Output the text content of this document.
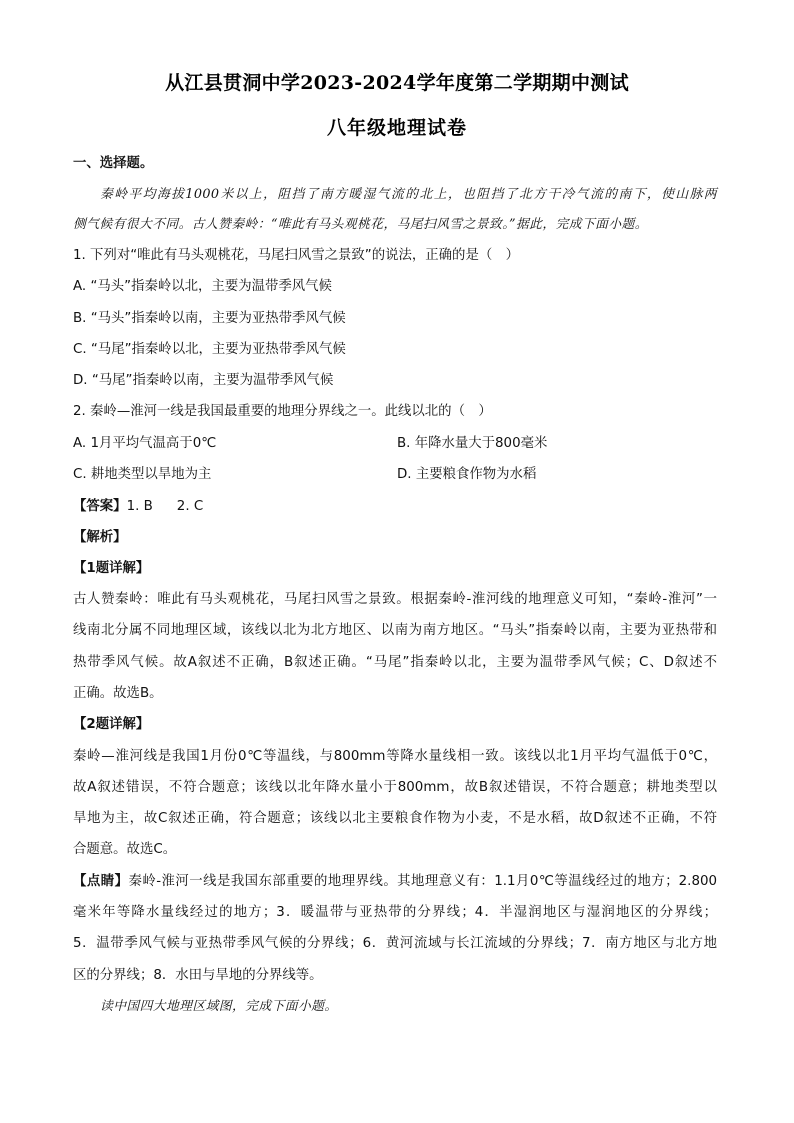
从江县贯洞中学2023-2024学年度第二学期期中测试
八年级地理试卷
一、选择题。
秦岭平均海拔1000米以上，阻挡了南方暖湿气流的北上，也阻挡了北方干冷气流的南下，使山脉两
侧气候有很大不同。古人赞秦岭：“唯此有马头观桃花，马尾扫风雪之景致。”据此，完成下面小题。
1. 下列对“唯此有马头观桃花，马尾扫风雪之景致”的说法，正确的是（　）
A. “马头”指秦岭以北，主要为温带季风气候
B. “马头”指秦岭以南，主要为亚热带季风气候
C. “马尾”指秦岭以北，主要为亚热带季风气候
D. “马尾”指秦岭以南，主要为温带季风气候
2. 秦岭—淮河一线是我国最重要的地理分界线之一。此线以北的（　）
A. 1月平均气温高于0℃	B. 年降水量大于800毫米
C. 耕地类型以旱地为主	D. 主要粮食作物为水稻
【答案】1. B 2. C
【解析】
【1题详解】
古人赞秦岭：唯此有马头观桃花，马尾扫风雪之景致。根据秦岭-淮河线的地理意义可知，“秦岭-淮河”一
线南北分属不同地理区域，该线以北为北方地区、以南为南方地区。“马头”指秦岭以南，主要为亚热带和
热带季风气候。故A叙述不正确，B叙述正确。“马尾”指秦岭以北，主要为温带季风气候；C、D叙述不
正确。故选B。
【2题详解】
秦岭—淮河线是我国1月份0℃等温线，与800mm等降水量线相一致。该线以北1月平均气温低于0℃，
故A叙述错误，不符合题意；该线以北年降水量小于800mm，故B叙述错误，不符合题意；耕地类型以
旱地为主，故C叙述正确，符合题意；该线以北主要粮食作物为小麦，不是水稻，故D叙述不正确，不符
合题意。故选C。
【点睛】秦岭-淮河一线是我国东部重要的地理界线。其地理意义有：1.1月0℃等温线经过的地方；2.800
毫米年等降水量线经过的地方；3．暖温带与亚热带的分界线；4．半湿润地区与湿润地区的分界线；
5．温带季风气候与亚热带季风气候的分界线；6．黄河流域与长江流域的分界线；7．南方地区与北方地
区的分界线；8．水田与旱地的分界线等。
读中国四大地理区域图，完成下面小题。
